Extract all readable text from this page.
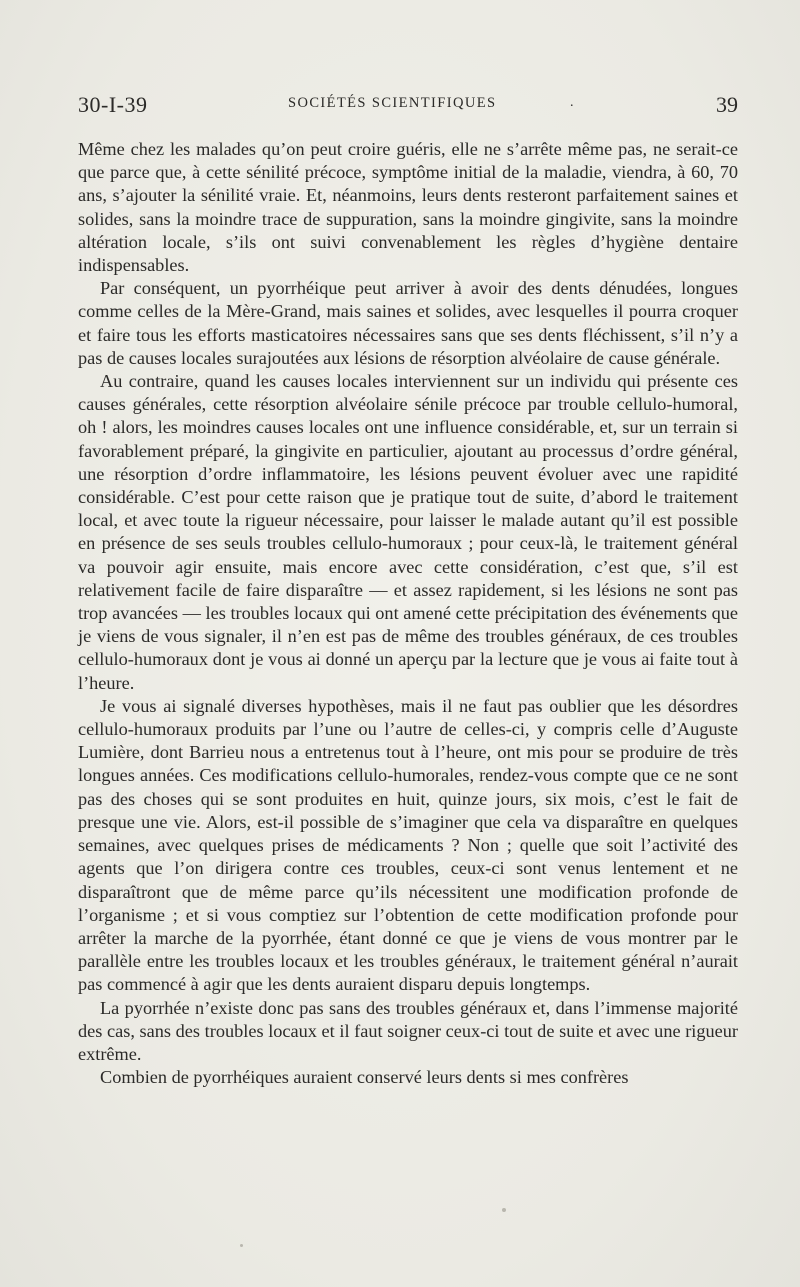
30-I-39	SOCIÉTÉS SCIENTIFIQUES	.	39

Même chez les malades qu’on peut croire guéris, elle ne s’arrête même pas, ne serait-ce que parce que, à cette sénilité précoce, symptôme initial de la maladie, viendra, à 60, 70 ans, s’ajouter la sénilité vraie. Et, néanmoins, leurs dents resteront parfaitement saines et solides, sans la moindre trace de suppuration, sans la moindre gingivite, sans la moindre altération locale, s’ils ont suivi convenablement les règles d’hygiène dentaire indispensables.

Par conséquent, un pyorrhéique peut arriver à avoir des dents dénudées, longues comme celles de la Mère-Grand, mais saines et solides, avec lesquelles il pourra croquer et faire tous les efforts masticatoires nécessaires sans que ses dents fléchissent, s’il n’y a pas de causes locales surajoutées aux lésions de résorption alvéolaire de cause générale.

Au contraire, quand les causes locales interviennent sur un individu qui présente ces causes générales, cette résorption alvéolaire sénile précoce par trouble cellulo-humoral, oh ! alors, les moindres causes locales ont une influence considérable, et, sur un terrain si favorablement préparé, la gingivite en particulier, ajoutant au processus d’ordre général, une résorption d’ordre inflammatoire, les lésions peuvent évoluer avec une rapidité considérable. C’est pour cette raison que je pratique tout de suite, d’abord le traitement local, et avec toute la rigueur nécessaire, pour laisser le malade autant qu’il est possible en présence de ses seuls troubles cellulo-humoraux ; pour ceux-là, le traitement général va pouvoir agir ensuite, mais encore avec cette considération, c’est que, s’il est relativement facile de faire disparaître — et assez rapidement, si les lésions ne sont pas trop avancées — les troubles locaux qui ont amené cette précipitation des événements que je viens de vous signaler, il n’en est pas de même des troubles généraux, de ces troubles cellulo-humoraux dont je vous ai donné un aperçu par la lecture que je vous ai faite tout à l’heure.

Je vous ai signalé diverses hypothèses, mais il ne faut pas oublier que les désordres cellulo-humoraux produits par l’une ou l’autre de celles-ci, y compris celle d’Auguste Lumière, dont Barrieu nous a entretenus tout à l’heure, ont mis pour se produire de très longues années. Ces modifications cellulo-humorales, rendez-vous compte que ce ne sont pas des choses qui se sont produites en huit, quinze jours, six mois, c’est le fait de presque une vie. Alors, est-il possible de s’imaginer que cela va disparaître en quelques semaines, avec quelques prises de médicaments ? Non ; quelle que soit l’activité des agents que l’on dirigera contre ces troubles, ceux-ci sont venus lentement et ne disparaîtront que de même parce qu’ils nécessitent une modification profonde de l’organisme ; et si vous comptiez sur l’obtention de cette modification profonde pour arrêter la marche de la pyorrhée, étant donné ce que je viens de vous montrer par le parallèle entre les troubles locaux et les troubles généraux, le traitement général n’aurait pas commencé à agir que les dents auraient disparu depuis longtemps.

La pyorrhée n’existe donc pas sans des troubles généraux et, dans l’immense majorité des cas, sans des troubles locaux et il faut soigner ceux-ci tout de suite et avec une rigueur extrême.

Combien de pyorrhéiques auraient conservé leurs dents si mes confrères
